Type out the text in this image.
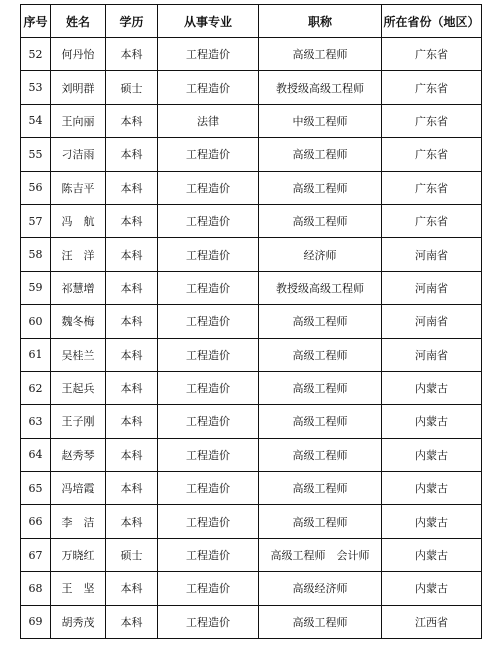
序号	姓名	学历	从事专业	职称	所在省份（地区）
52	何丹怡	本科	工程造价	高级工程师	广东省
53	刘明群	硕士	工程造价	教授级高级工程师	广东省
54	王向丽	本科	法律	中级工程师	广东省
55	刁洁雨	本科	工程造价	高级工程师	广东省
56	陈吉平	本科	工程造价	高级工程师	广东省
57	冯　航	本科	工程造价	高级工程师	广东省
58	汪　洋	本科	工程造价	经济师	河南省
59	祁慧增	本科	工程造价	教授级高级工程师	河南省
60	魏冬梅	本科	工程造价	高级工程师	河南省
61	吴桂兰	本科	工程造价	高级工程师	河南省
62	王起兵	本科	工程造价	高级工程师	内蒙古
63	王子刚	本科	工程造价	高级工程师	内蒙古
64	赵秀琴	本科	工程造价	高级工程师	内蒙古
65	冯培霞	本科	工程造价	高级工程师	内蒙古
66	李　洁	本科	工程造价	高级工程师	内蒙古
67	万晓红	硕士	工程造价	高级工程师　会计师	内蒙古
68	王　坚	本科	工程造价	高级经济师	内蒙古
69	胡秀茂	本科	工程造价	高级工程师	江西省
